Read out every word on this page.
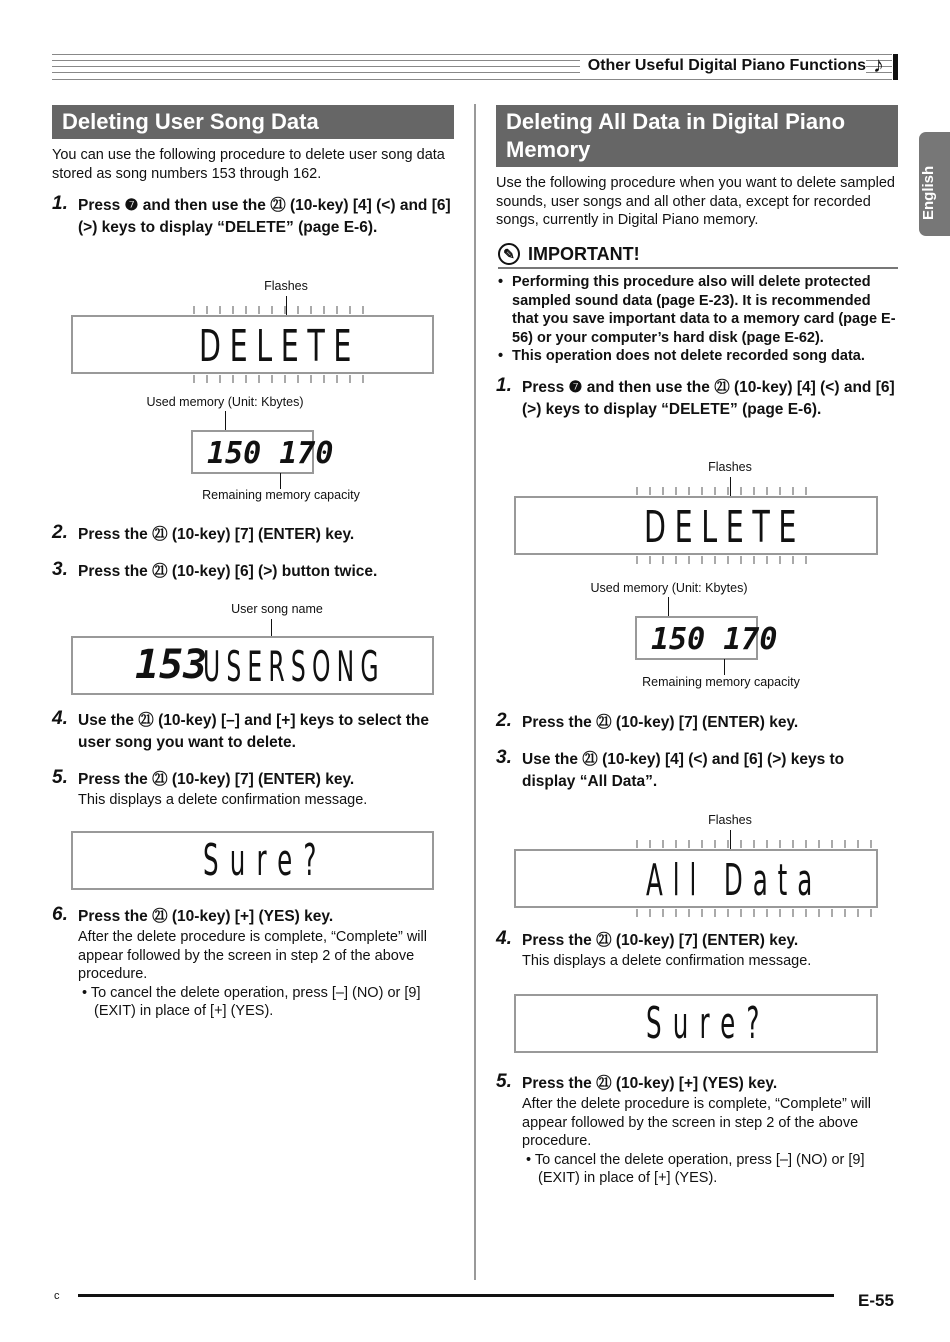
Other Useful Digital Piano Functions ♪
English
Deleting User Song Data
You can use the following procedure to delete user song data stored as song numbers 153 through 162.
1. Press ❼ and then use the ㉑ (10-key) [4] (<) and [6] (>) keys to display “DELETE” (page E-6).
Flashes
DELETE
Used memory (Unit: Kbytes)
150 170
Remaining memory capacity
2. Press the ㉑ (10-key) [7] (ENTER) key.
3. Press the ㉑ (10-key) [6] (>) button twice.
User song name
153
USERSONG
4. Use the ㉑ (10-key) [–] and [+] keys to select the user song you want to delete.
5. Press the ㉑ (10-key) [7] (ENTER) key.
This displays a delete confirmation message.
Sure?
6. Press the ㉑ (10-key) [+] (YES) key.
After the delete procedure is complete, “Complete” will appear followed by the screen in step 2 of the above procedure.
• To cancel the delete operation, press [–] (NO) or [9] (EXIT) in place of [+] (YES).
Deleting All Data in Digital Piano Memory
Use the following procedure when you want to delete sampled sounds, user songs and all other data, except for recorded songs, currently in Digital Piano memory.
✎ IMPORTANT!
• Performing this procedure also will delete protected sampled sound data (page E-23). It is recommended that you save important data to a memory card (page E-56) or your computer’s hard disk (page E-62).
• This operation does not delete recorded song data.
1. Press ❼ and then use the ㉑ (10-key) [4] (<) and [6] (>) keys to display “DELETE” (page E-6).
Flashes
DELETE
Used memory (Unit: Kbytes)
150 170
Remaining memory capacity
2. Press the ㉑ (10-key) [7] (ENTER) key.
3. Use the ㉑ (10-key) [4] (<) and [6] (>) keys to display “All Data”.
Flashes
All Data
4. Press the ㉑ (10-key) [7] (ENTER) key.
This displays a delete confirmation message.
Sure?
5. Press the ㉑ (10-key) [+] (YES) key.
After the delete procedure is complete, “Complete” will appear followed by the screen in step 2 of the above procedure.
• To cancel the delete operation, press [–] (NO) or [9] (EXIT) in place of [+] (YES).
c	E-55
